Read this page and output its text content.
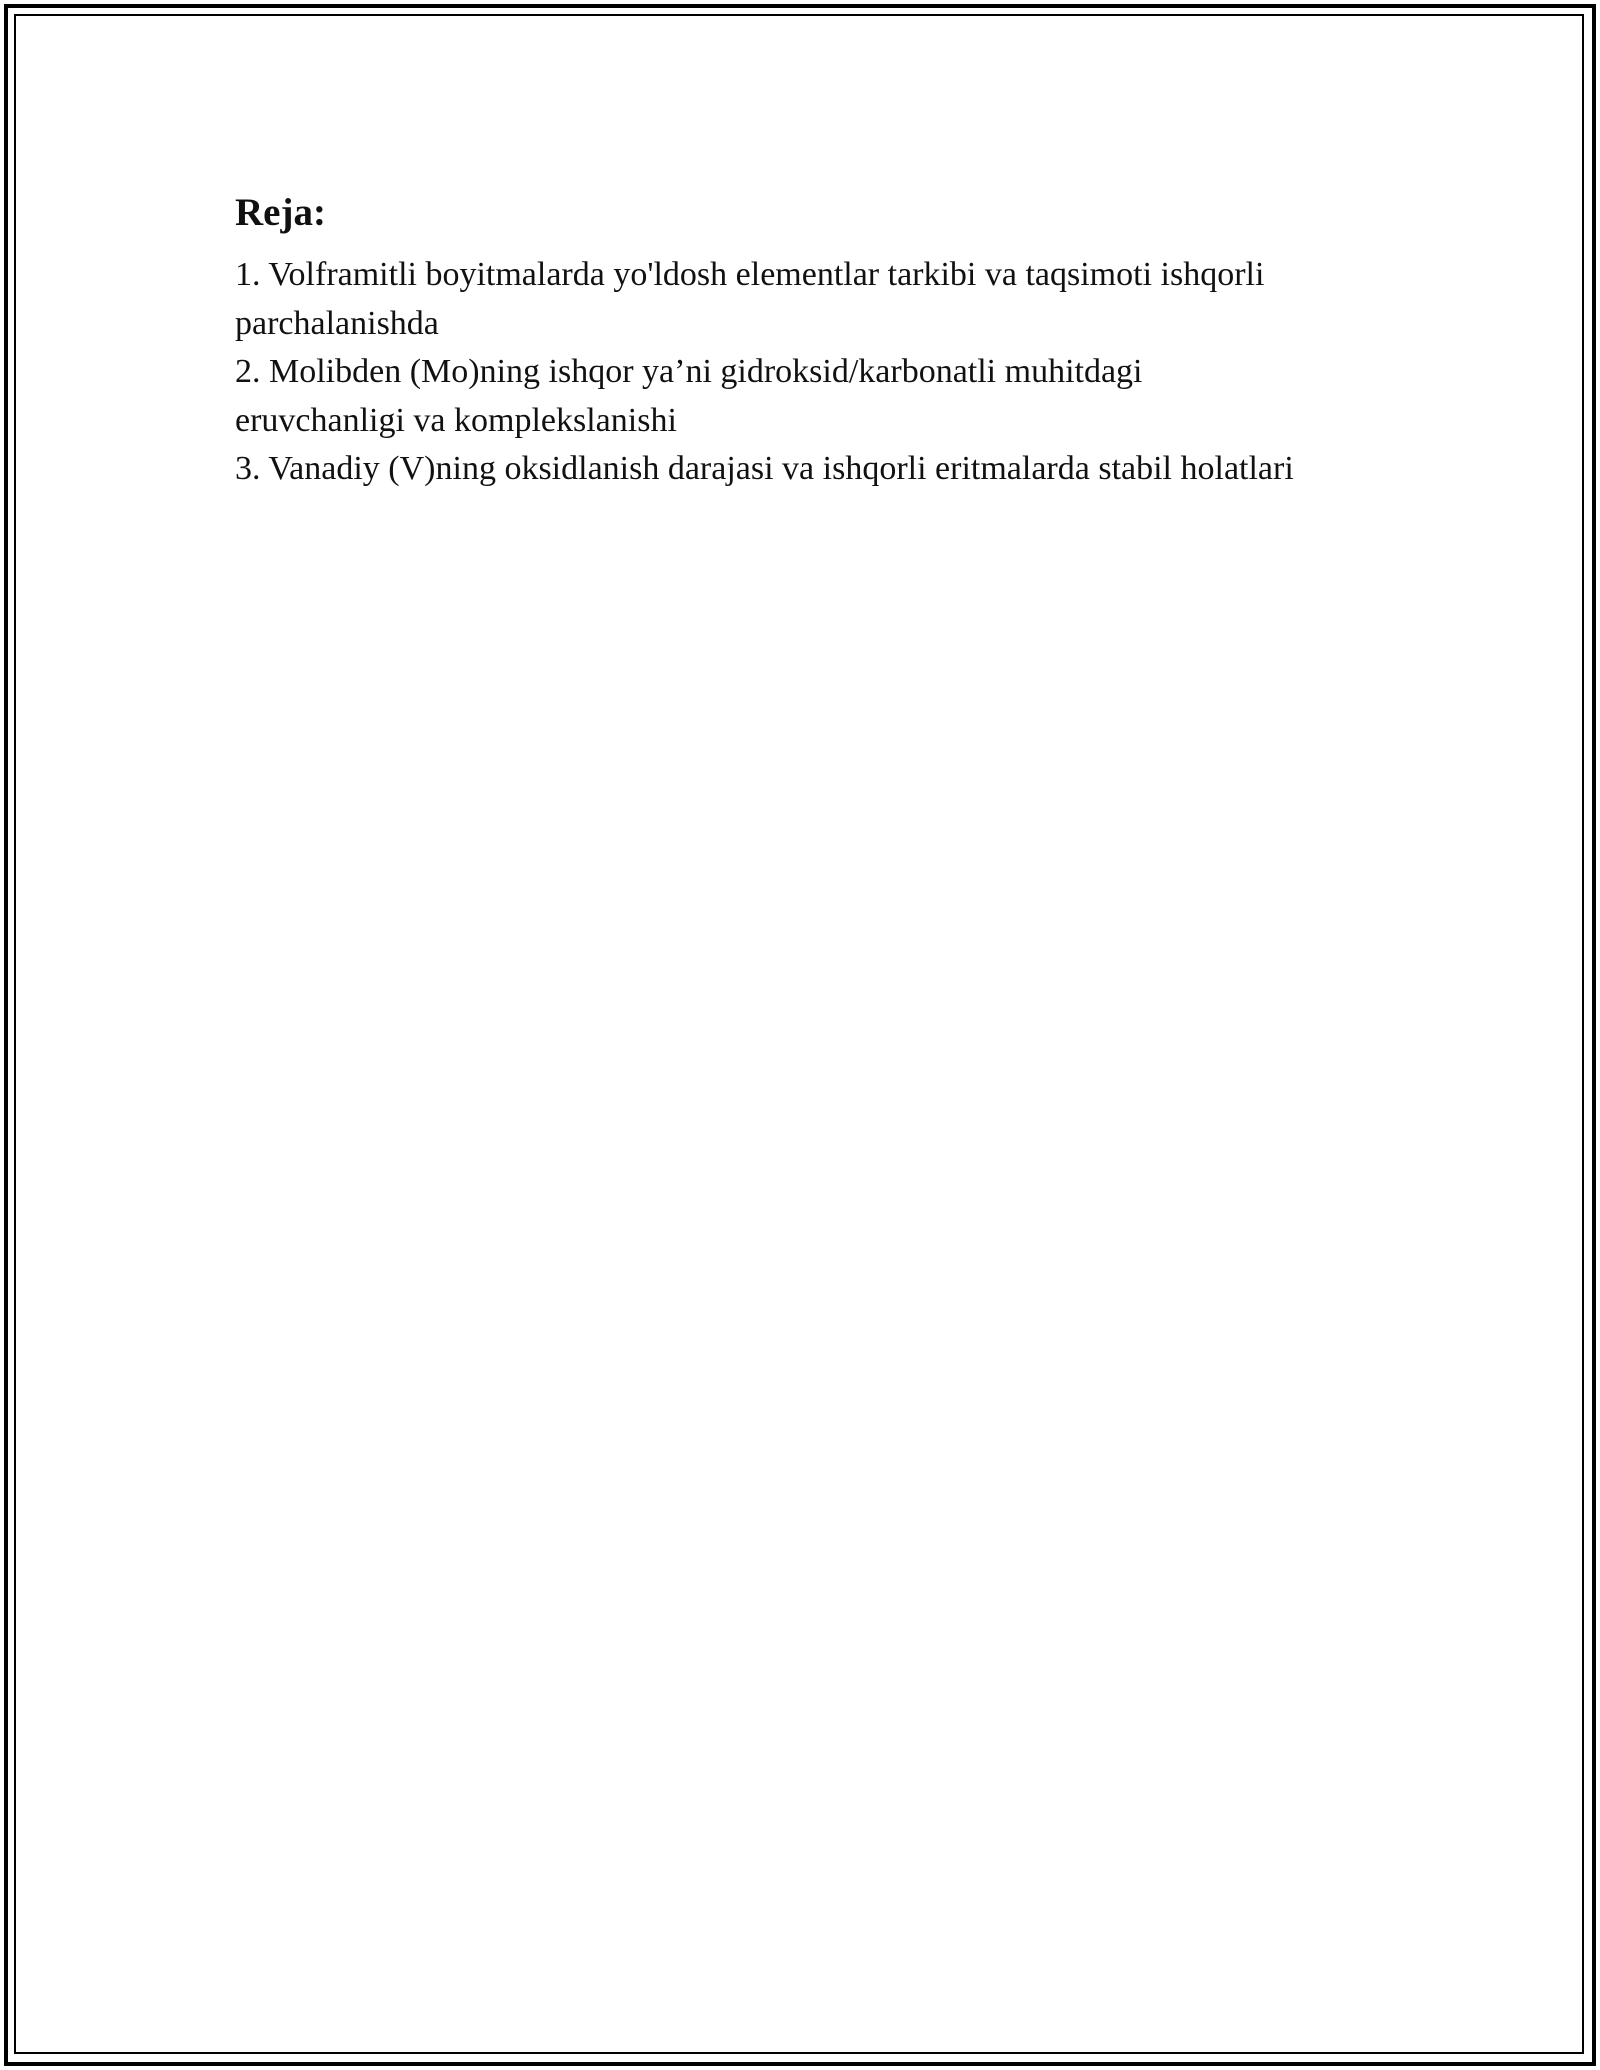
Reja:
1. Volframitli boyitmalarda yo'ldosh elementlar tarkibi va taqsimoti ishqorli parchalanishda
2. Molibden (Mo)ning ishqor ya’ni gidroksid/karbonatli muhitdagi eruvchanligi va komplekslanishi
3. Vanadiy (V)ning oksidlanish darajasi va ishqorli eritmalarda stabil holatlari
